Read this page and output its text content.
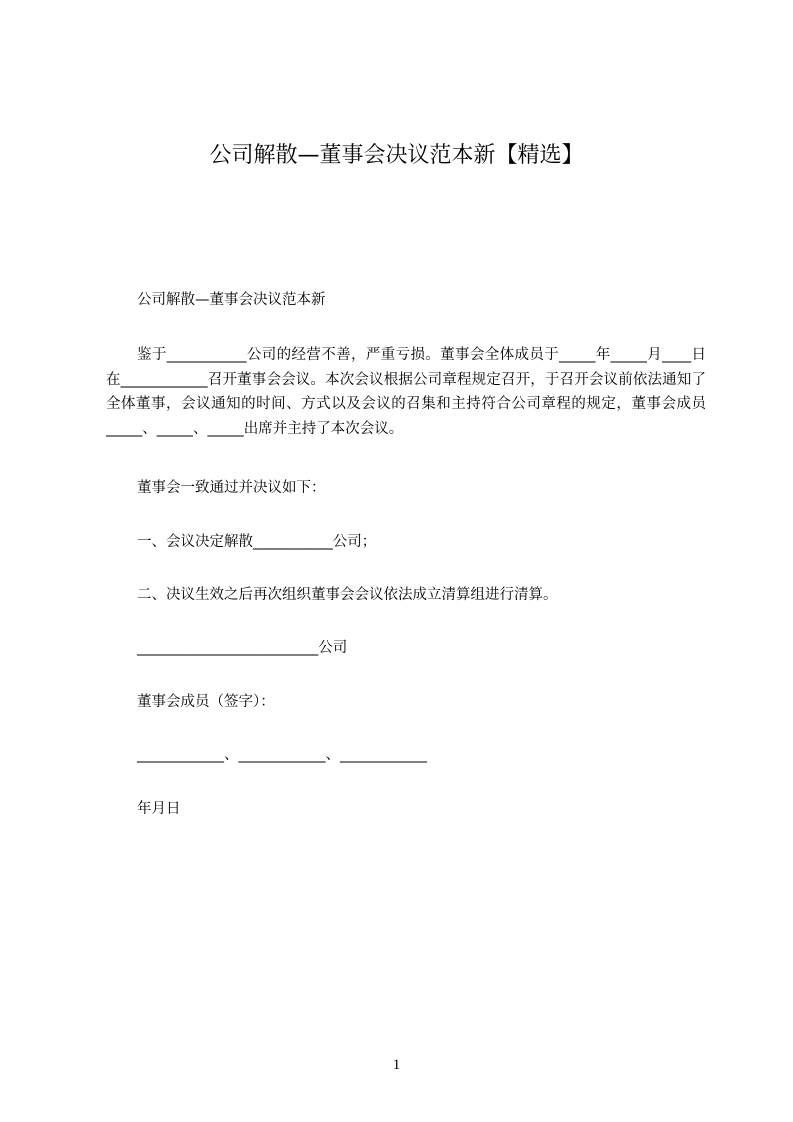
公司解散—董事会决议范本新【精选】
公司解散—董事会决议范本新
鉴于___________公司的经营不善，严重亏损。董事会全体成员于_____年_____月____日在____________召开董事会会议。本次会议根据公司章程规定召开，于召开会议前依法通知了全体董事，会议通知的时间、方式以及会议的召集和主持符合公司章程的规定，董事会成员_____、_____、_____出席并主持了本次会议。
董事会一致通过并决议如下：
一、会议决定解散___________公司；
二、决议生效之后再次组织董事会会议依法成立清算组进行清算。
_________________________公司
董事会成员（签字）：
____________、____________、____________
年月日
1
